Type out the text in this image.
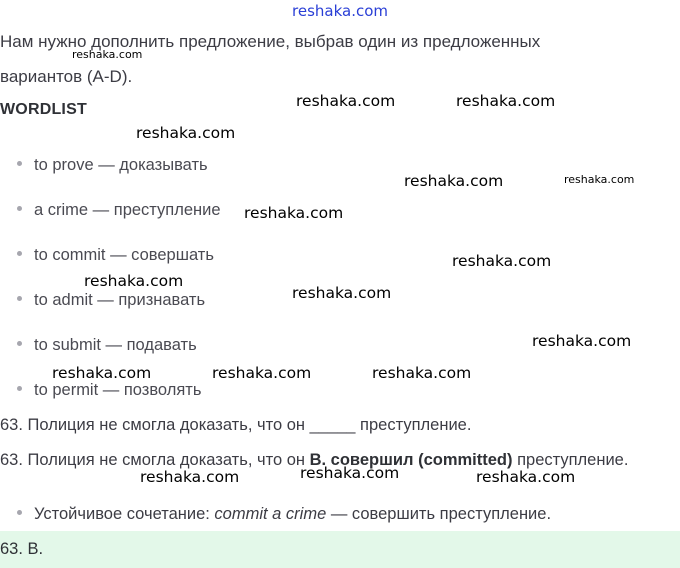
Нам нужно дополнить предложение, выбрав один из предложенных
вариантов (A-D).
WORDLIST
to prove — доказывать
a crime — преступление
to commit — совершать
to admit — признавать
to submit — подавать
to permit — позволять
63. Полиция не смогла доказать, что он _____ преступление.
63. Полиция не смогла доказать, что он B. совершил (committed) преступление.
Устойчивое сочетание: commit a crime — совершить преступление.
63. B.
reshaka.com
reshaka.com
reshaka.com	reshaka.com
reshaka.com
reshaka.com	reshaka.com
reshaka.com
reshaka.com
reshaka.com
reshaka.com
reshaka.com
reshaka.com	reshaka.com	reshaka.com
reshaka.com
reshaka.com	reshaka.com
